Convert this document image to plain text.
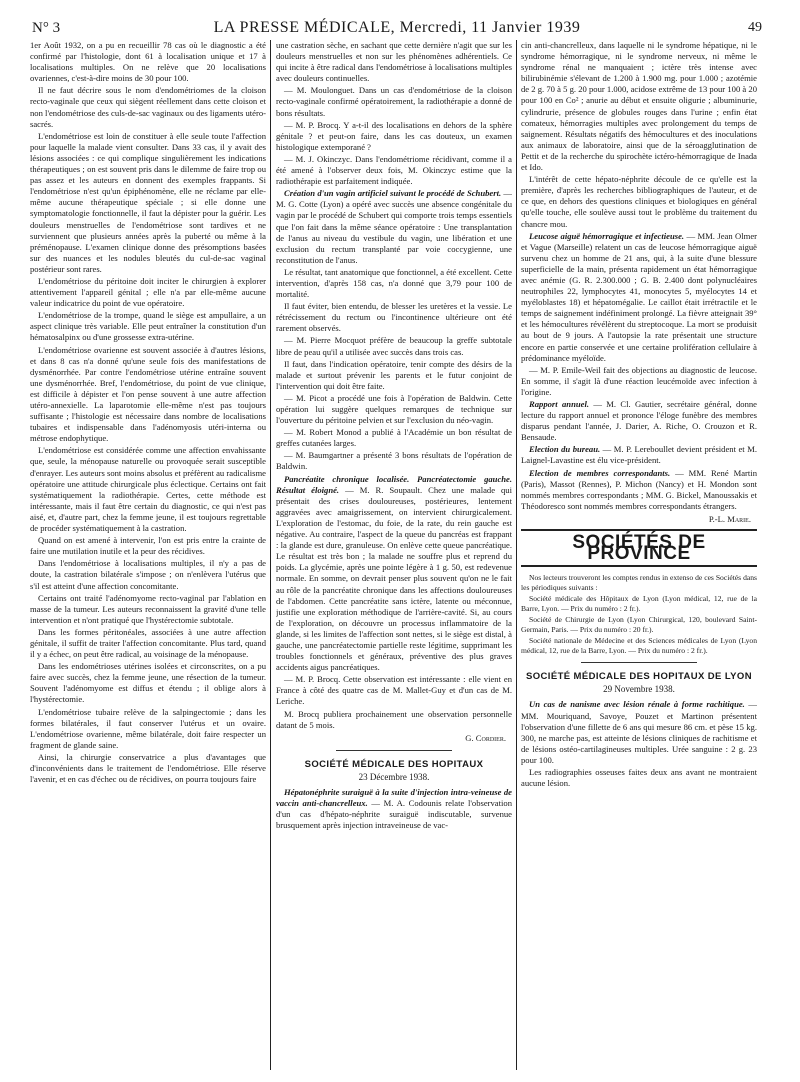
N° 3	LA PRESSE MÉDICALE, Mercredi, 11 Janvier 1939	49

1er Août 1932, on a pu en recueillir 78 cas où le diagnostic a été confirmé par l'histologie, dont 61 à localisation unique et 17 à localisations multiples. On ne relève que 20 localisations ovariennes, c'est-à-dire moins de 30 pour 100.

Il ne faut décrire sous le nom d'endométriomes de la cloison recto-vaginale que ceux qui siègent réellement dans cette cloison et non l'endométriose des culs-de-sac vaginaux ou des ligaments utéro-sacrés.

L'endométriose est loin de constituer à elle seule toute l'affection pour laquelle la malade vient consulter. Dans 33 cas, il y avait des lésions associées : ce qui complique singulièrement les indications thérapeutiques ; on est souvent pris dans le dilemme de faire trop ou pas assez et les auteurs en donnent des exemples frappants. Si l'endométriose n'est qu'un épiphénomène, elle ne réclame par elle-même aucune thérapeutique spéciale ; si elle donne une symptomatologie fonctionnelle, il faut la dépister pour la guérir. Les douleurs menstruelles de l'endométriose sont tardives et ne surviennent que plusieurs années après la puberté ou même à la préménopause. L'examen clinique donne des présomptions basées sur des nuances et les nodules bleutés du cul-de-sac vaginal postérieur sont rares.

L'endométriose du péritoine doit inciter le chirurgien à explorer attentivement l'appareil génital ; elle n'a par elle-même aucune valeur indicatrice du point de vue opératoire.

L'endométriose de la trompe, quand le siège est ampullaire, a un aspect clinique très variable. Elle peut entraîner la constitution d'un hématosalpinx ou d'une grossesse extra-utérine.

L'endométriose ovarienne est souvent associée à d'autres lésions, et dans 8 cas n'a donné qu'une seule fois des manifestations de dysménorrhée. Par contre l'endométriose utérine entraîne souvent une dysménorrhée. Bref, l'endométriose, du point de vue clinique, est difficile à dépister et l'on pense souvent à une autre affection utéro-annexielle. La laparotomie elle-même n'est pas toujours suffisante ; l'histologie est nécessaire dans nombre de localisations tubaires et indispensable dans l'adénomyosis utéri-interna ou métrose endophytique.

L'endométriose est considérée comme une affection envahissante que, seule, la ménopause naturelle ou provoquée serait susceptible d'enrayer. Les auteurs sont moins absolus et préfèrent au radicalisme opératoire une attitude chirurgicale plus éclectique. Certains ont fait systématiquement la radiothérapie. Certes, cette méthode est intéressante, mais il faut être certain du diagnostic, ce qui n'est pas aisé, et, d'autre part, chez la femme jeune, il est toujours regrettable de procéder systématiquement à la castration.

Quand on est amené à intervenir, l'on est pris entre la crainte de faire une mutilation inutile et la peur des récidives.

Dans l'endométriose à localisations multiples, il n'y a pas de doute, la castration bilatérale s'impose ; on n'enlèvera l'utérus que s'il est atteint d'une affection concomitante.

Certains ont traité l'adénomyome recto-vaginal par l'ablation en masse de la tumeur. Les auteurs reconnaissent la gravité d'une telle intervention et n'ont pratiqué que l'hystérectomie subtotale.

Dans les formes péritonéales, associées à une autre affection génitale, il suffit de traiter l'affection concomitante. Plus tard, quand il y a échec, on peut être radical, au voisinage de la ménopause.

Dans les endométrioses utérines isolées et circonscrites, on a pu faire avec succès, chez la femme jeune, une résection de la tumeur. Souvent l'adénomyome est diffus et étendu ; il oblige alors à l'hystérectomie.

L'endométriose tubaire relève de la salpingectomie ; dans les formes bilatérales, il faut conserver l'utérus et un ovaire. L'endométriose ovarienne, même bilatérale, doit faire respecter un fragment de glande saine.

Ainsi, la chirurgie conservatrice a plus d'avantages que d'inconvénients dans le traitement de l'endométriose. Elle réserve l'avenir, et en cas d'échec ou de récidives, on pourra toujours faire

une castration sèche, en sachant que cette dernière n'agit que sur les douleurs menstruelles et non sur les phénomènes adhérentiels. Ce qui incite à être radical dans l'endométriose à localisations multiples avec douleurs continuelles.

— M. Moulonguet. Dans un cas d'endométriose de la cloison recto-vaginale confirmé opératoirement, la radiothérapie a donné de bons résultats.

— M. P. Brocq. Y a-t-il des localisations en dehors de la sphère génitale ? et peut-on faire, dans les cas douteux, un examen histologique extemporané ?

— M. J. Okinczyc. Dans l'endométriome récidivant, comme il a été amené à l'observer deux fois, M. Okinczyc estime que la radiothérapie est parfaitement indiquée.

Création d'un vagin artificiel suivant le procédé de Schubert. — M. G. Cotte (Lyon) a opéré avec succès une absence congénitale du vagin par le procédé de Schubert qui comporte trois temps essentiels que l'on fait dans la même séance opératoire : Une transplantation de l'anus au niveau du vestibule du vagin, une libération et une exclusion du rectum transplanté par voie coccygienne, une reconstitution de l'anus.

Le résultat, tant anatomique que fonctionnel, a été excellent. Cette intervention, d'après 158 cas, n'a donné que 3,79 pour 100 de mortalité.

Il faut éviter, bien entendu, de blesser les uretères et la vessie. Le rétrécissement du rectum ou l'incontinence ultérieure ont été rarement observés.

— M. Pierre Mocquot préfère de beaucoup la greffe subtotale libre de peau qu'il a utilisée avec succès dans trois cas.

Il faut, dans l'indication opératoire, tenir compte des désirs de la malade et surtout prévenir les parents et le futur conjoint de l'intervention qui doit être faite.

— M. Picot a procédé une fois à l'opération de Baldwin. Cette opération lui suggère quelques remarques de technique sur l'ouverture du péritoine pelvien et sur l'exclusion du néo-vagin.

— M. Robert Monod a publié à l'Académie un bon résultat de greffes cutanées larges.

— M. Baumgartner a présenté 3 bons résultats de l'opération de Baldwin.

Pancréatite chronique localisée. Pancréatectomie gauche. Résultat éloigné. — M. R. Soupault. Chez une malade qui présentait des crises douloureuses, postérieures, lentement aggravées avec amaigrissement, on intervient chirurgicalement. L'exploration de l'estomac, du foie, de la rate, du rein gauche est négative. Au contraire, l'aspect de la queue du pancréas est frappant : la glande est dure, granuleuse. On enlève cette queue pancréatique. Le résultat est très bon ; la malade ne souffre plus et reprend du poids. La glycémie, après une pointe légère à 1 g. 50, est redevenue normale. En somme, on devrait penser plus souvent qu'on ne le fait au rôle de la pancréatite chronique dans les affections douloureuses de l'abdomen. Cette pancréatite sans ictère, latente ou méconnue, justifie une exploration méthodique de l'arrière-cavité. Si, au cours de l'exploration, on découvre un processus inflammatoire de la glande, si les limites de l'affection sont nettes, si le siège est distal, à gauche, une pancréatectomie partielle reste légitime, supprimant les troubles fonctionnels et généraux, préventive des plus graves accidents aigus pancréatiques.

— M. P. Brocq. Cette observation est intéressante : elle vient en France à côté des quatre cas de M. Mallet-Guy et d'un cas de M. Leriche.

M. Brocq publiera prochainement une observation personnelle datant de 5 mois.

G. Cordier.
SOCIÉTÉ MÉDICALE DES HOPITAUX
23 Décembre 1938.

Hépatonéphrite suraiguë à la suite d'injection intra-veineuse de vaccin anti-chancrelleux. — M. A. Codounis relate l'observation d'un cas d'hépato-néphrite suraiguë indiscutable, survenue brusquement après injection intraveineuse de vac-

cin anti-chancrelleux, dans laquelle ni le syndrome hépatique, ni le syndrome hémorragique, ni le syndrome nerveux, ni même le syndrome rénal ne manquaient ; ictère très intense avec bilirubinémie s'élevant de 1.200 à 1.900 mg. pour 1.000 ; azotémie de 2 g. 70 à 5 g. 20 pour 1.000, acidose extrême de 13 pour 100 à 20 pour 100 en Co² ; anurie au début et ensuite oligurie ; albuminurie, cylindrurie, présence de globules rouges dans l'urine ; enfin état comateux, hémorragies multiples avec prolongement du temps de saignement. Résultats négatifs des hémocultures et des inoculations aux animaux de laboratoire, ainsi que de la séroagglutination de Pettit et de la recherche du spirochète ictéro-hémorragique de Inada et Ido.

L'intérêt de cette hépato-néphrite découle de ce qu'elle est la première, d'après les recherches bibliographiques de l'auteur, et de ce que, en dehors des questions cliniques et biologiques en général qu'elle touche, elle soulève aussi tout le problème du traitement du chancre mou.

Leucose aiguë hémorragique et infectieuse. — MM. Jean Olmer et Vague (Marseille) relatent un cas de leucose hémorragique aiguë survenu chez un homme de 21 ans, qui, à la suite d'une blessure superficielle de la main, présenta rapidement un état hémorragique avec anémie (G. R. 2.300.000 ; G. B. 2.400 dont polynucléaires neutrophiles 22, lymphocytes 41, monocytes 5, myélocytes 14 et myéloblastes 18) et hépatomégalie. Le caillot était irrétractile et le temps de saignement indéfiniment prolongé. La fièvre atteignait 39° et les hémocultures révélèrent du streptocoque. La mort se produisit au bout de 9 jours. A l'autopsie la rate présentait une structure encore en partie conservée et une certaine prolifération cellulaire à prédominance myéloïde.

— M. P. Emile-Weil fait des objections au diagnostic de leucose. En somme, il s'agit là d'une réaction leucémoïde avec infection à l'origine.

Rapport annuel. — M. Cl. Gautier, secrétaire général, donne lecture du rapport annuel et prononce l'éloge funèbre des membres disparus pendant l'année, J. Darier, A. Riche, O. Crouzon et R. Bensaude.

Election du bureau. — M. P. Lereboullet devient président et M. Laignel-Lavastine est élu vice-président.

Election de membres correspondants. — MM. René Martin (Paris), Massot (Rennes), P. Michon (Nancy) et H. Mondon sont nommés membres correspondants ; MM. G. Bickel, Manoussakis et Théodoresco sont nommés membres correspondants étrangers.

P.-L. Marie.
SOCIÉTÉS DE PROVINCE

Nos lecteurs trouveront les comptes rendus in extenso de ces Sociétés dans les périodiques suivants :

Société médicale des Hôpitaux de Lyon (Lyon médical, 12, rue de la Barre, Lyon. — Prix du numéro : 2 fr.).

Société de Chirurgie de Lyon (Lyon Chirurgical, 120, boulevard Saint-Germain, Paris. — Prix du numéro : 20 fr.).

Société nationale de Médecine et des Sciences médicales de Lyon (Lyon médical, 12, rue de la Barre, Lyon. — Prix du numéro : 2 fr.).

SOCIÉTÉ MÉDICALE DES HOPITAUX DE LYON
29 Novembre 1938.

Un cas de nanisme avec lésion rénale à forme rachitique. — MM. Mouriquand, Savoye, Pouzet et Martinon présentent l'observation d'une fillette de 6 ans qui mesure 86 cm. et pèse 15 kg. 300, ne marche pas, est atteinte de lésions cliniques de rachitisme et de lésions ostéo-cartilagineuses multiples. Urée sanguine : 2 g. 23 pour 100.

Les radiographies osseuses faites deux ans avant ne montraient aucune lésion.
